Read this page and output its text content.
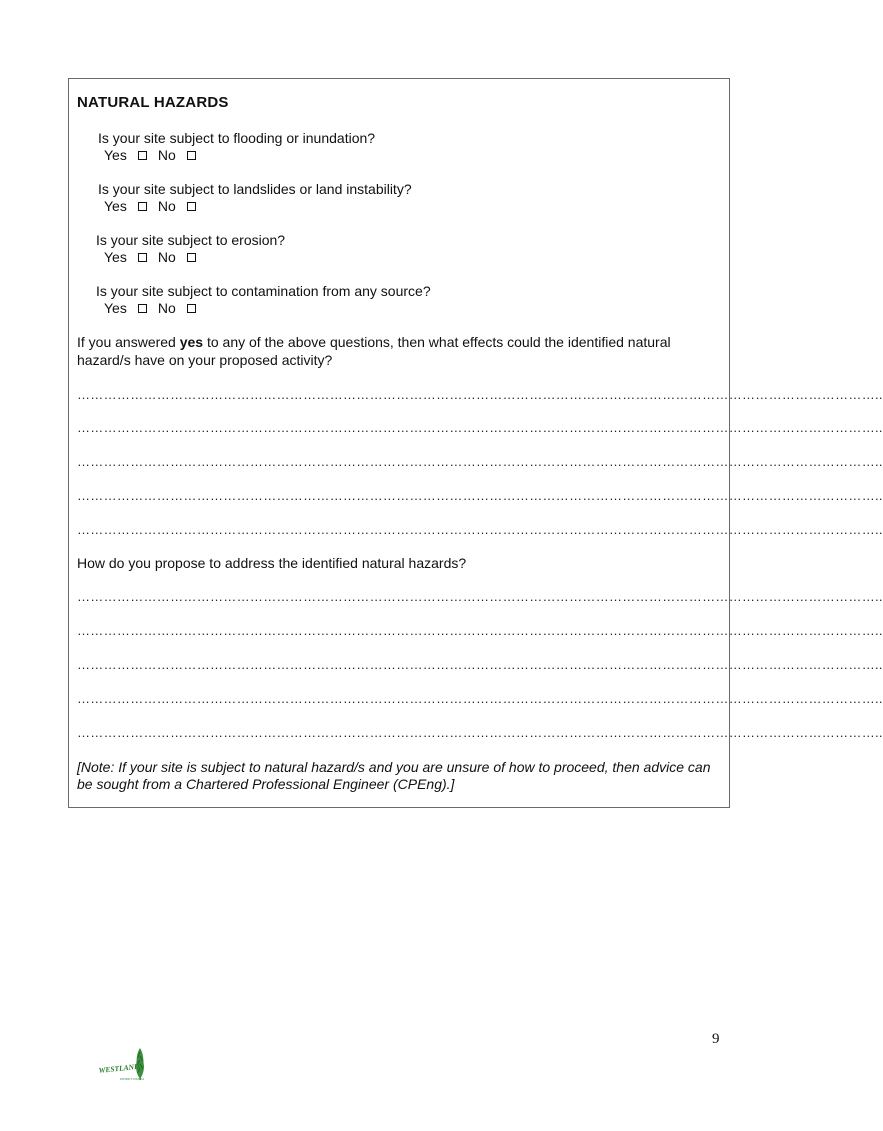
NATURAL HAZARDS
Is your site subject to flooding or inundation?
Yes No
Is your site subject to landslides or land instability?
Yes No
Is your site subject to erosion?
Yes No
Is your site subject to contamination from any source?
Yes No
If you answered yes to any of the above questions, then what effects could the identified natural hazard/s have on your proposed activity?
………………………………………………………………………………………………………………………………………………………………..
………………………………………………………………………………………………………………………………………………………………..
………………………………………………………………………………………………………………………………………………………………..
………………………………………………………………………………………………………………………………………………………………..
………………………………………………………………………………………………………………………………………………………………..
How do you propose to address the identified natural hazards?
………………………………………………………………………………………………………………………………………………………………..
………………………………………………………………………………………………………………………………………………………………..
………………………………………………………………………………………………………………………………………………………………..
………………………………………………………………………………………………………………………………………………………………..
………………………………………………………………………………………………………………………………………………………………..
[Note: If your site is subject to natural hazard/s and you are unsure of how to proceed, then advice can be sought from a Chartered Professional Engineer (CPEng).]
9
WESTLAND
DISTRICT COUNCIL
